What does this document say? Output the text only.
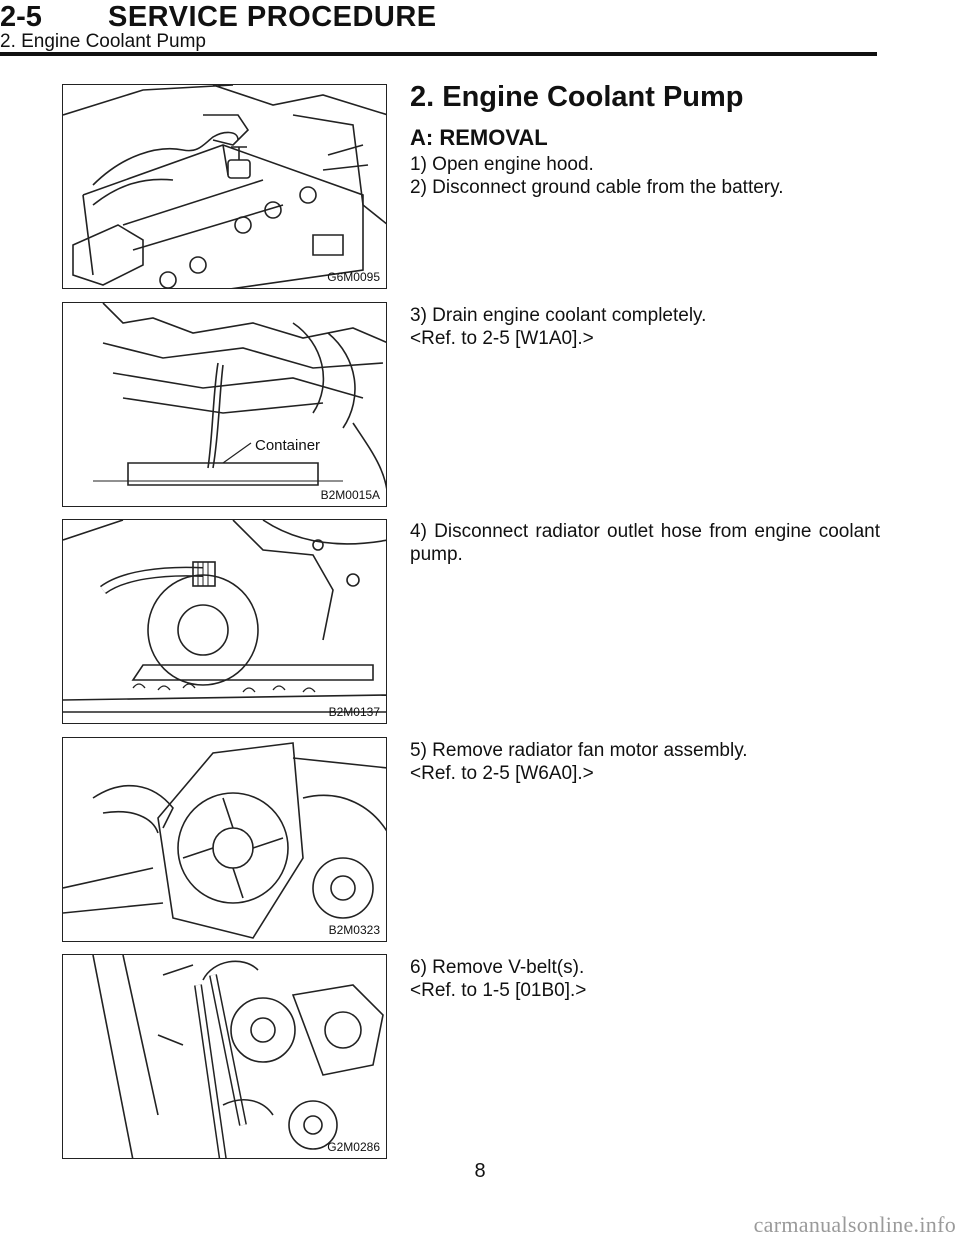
2-5 SERVICE PROCEDURE
2. Engine Coolant Pump
G6M0095
Container
B2M0015A
B2M0137
B2M0323
G2M0286
2. Engine Coolant Pump
A: REMOVAL

1) Open engine hood.

2) Disconnect ground cable from the battery.

3) Drain engine coolant completely.

<Ref. to 2-5 [W1A0].>

4) Disconnect radiator outlet hose from engine coolant pump.

5) Remove radiator fan motor assembly.

<Ref. to 2-5 [W6A0].>

6) Remove V-belt(s).

<Ref. to 1-5 [01B0].>

8
carmanualsonline.info
